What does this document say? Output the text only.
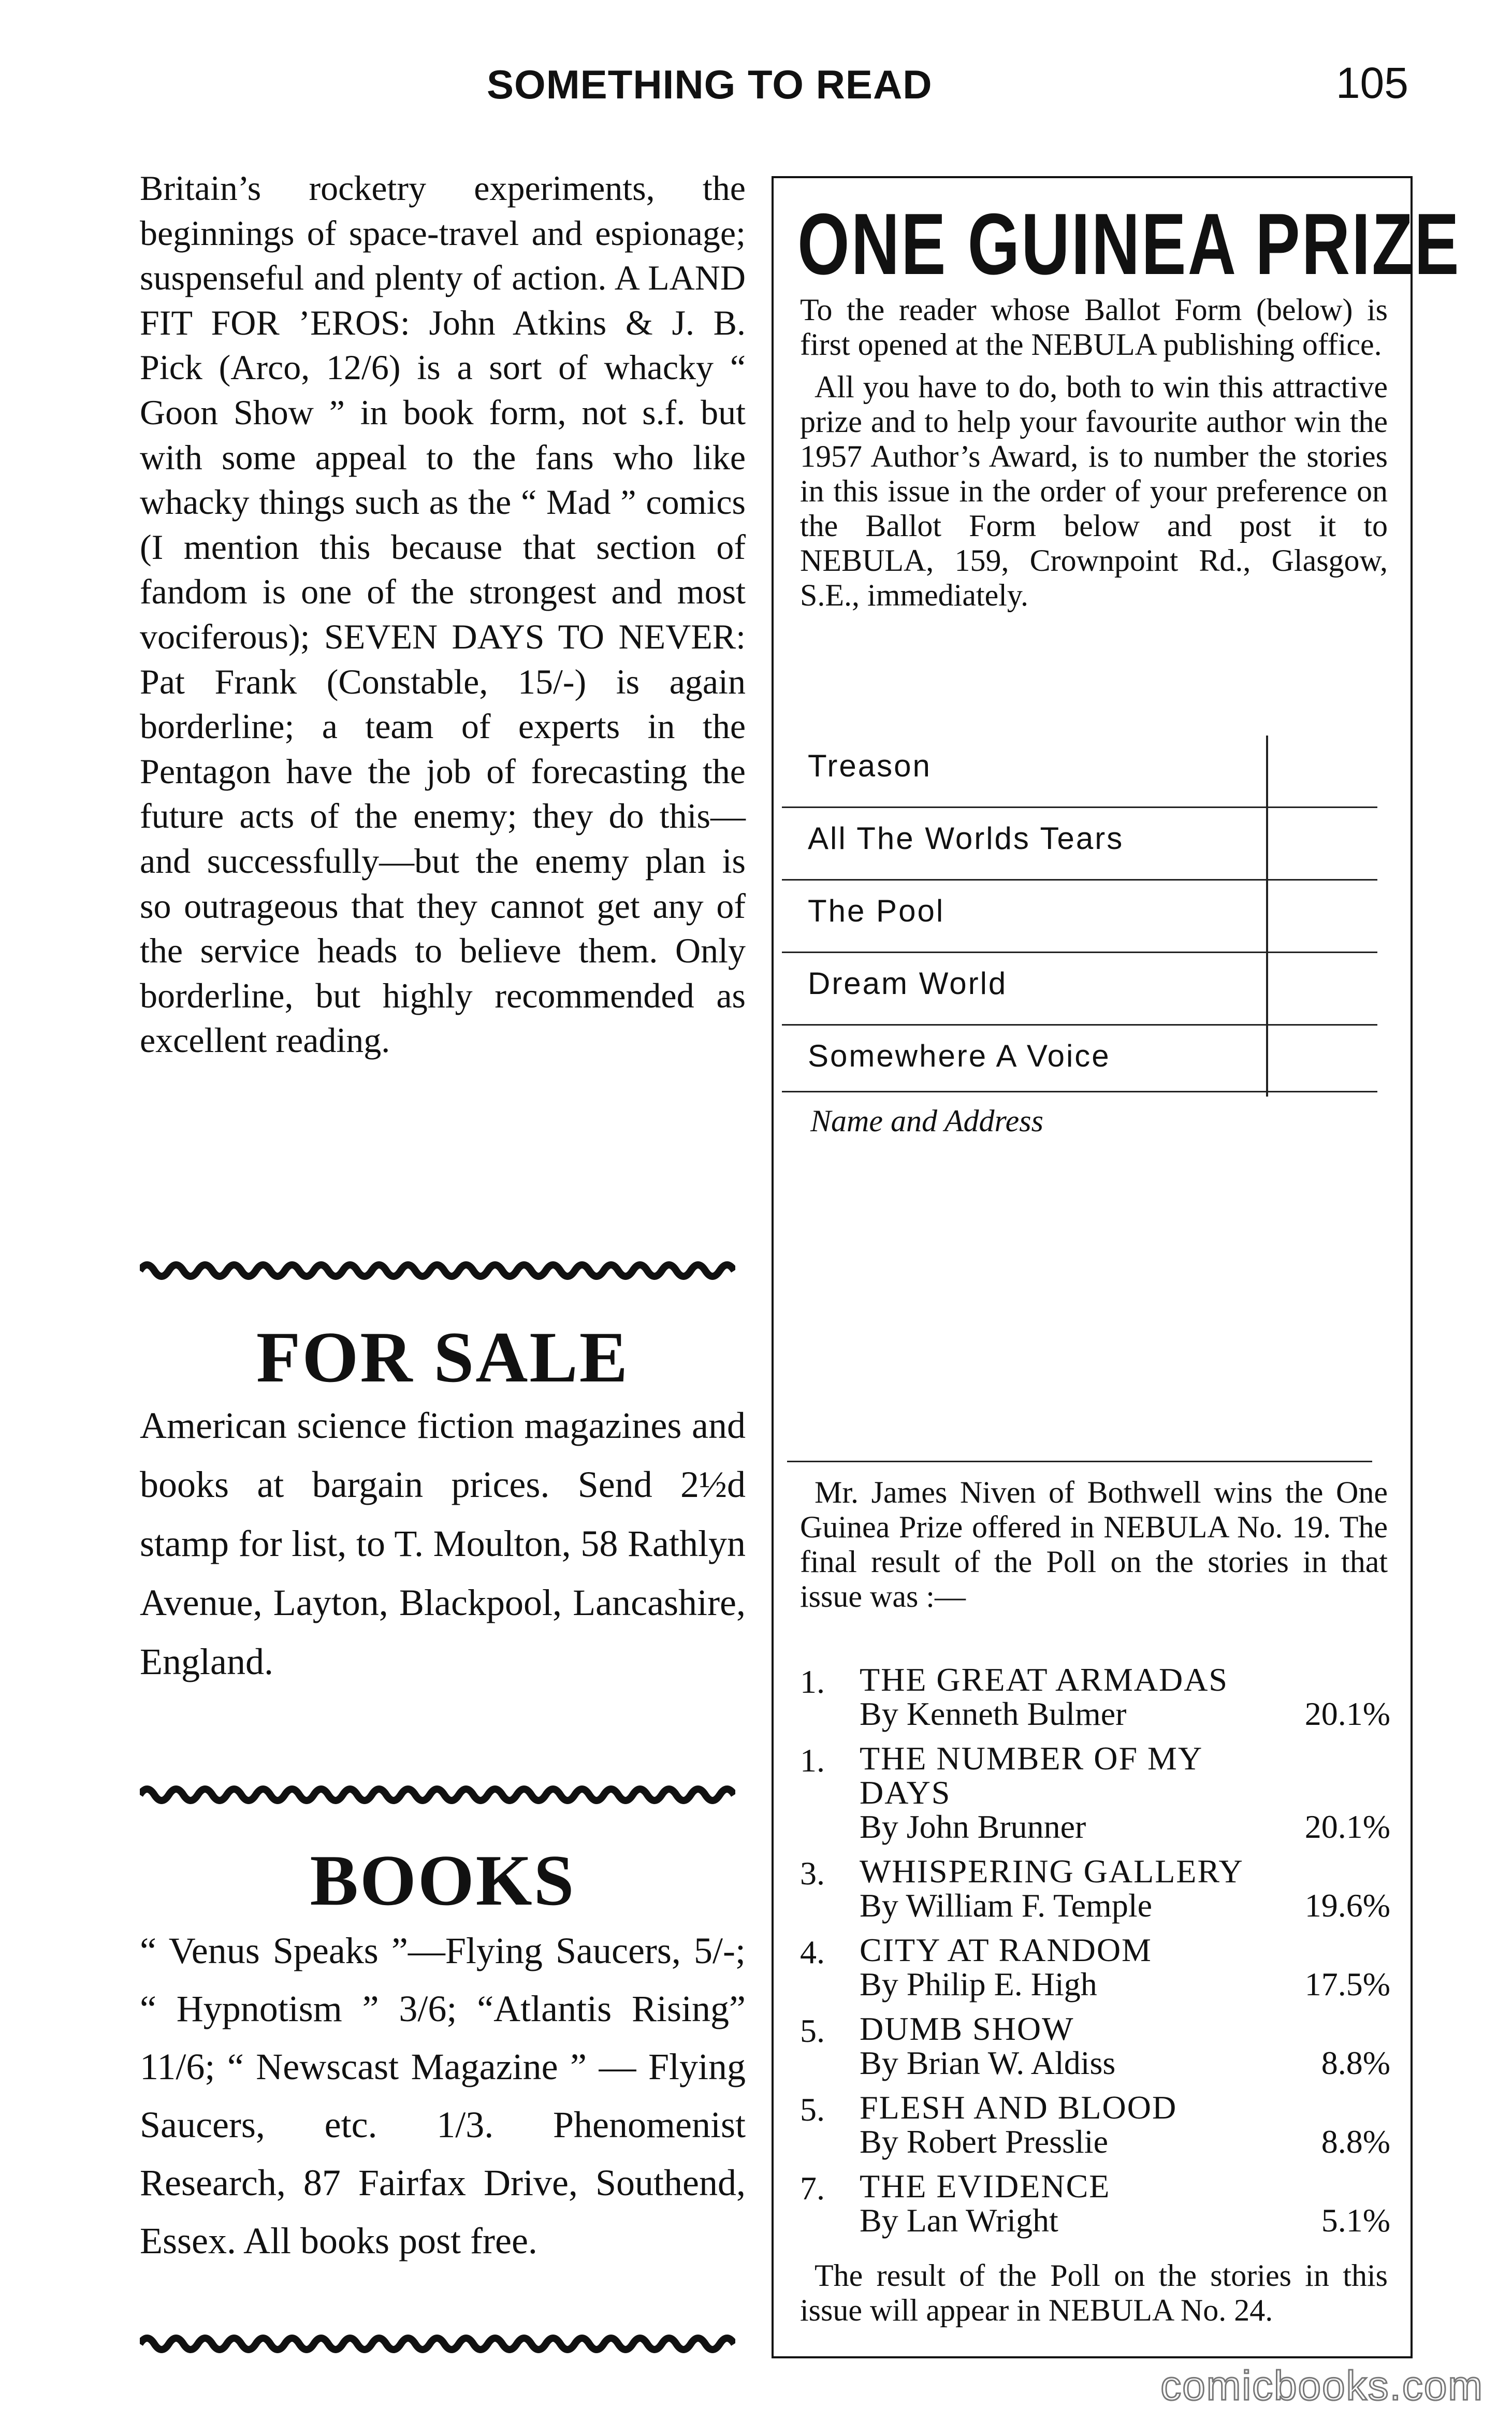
SOMETHING TO READ	105

Britain’s rocketry experiments, the beginnings of space-travel and espionage; suspenseful and plenty of action. A LAND FIT FOR ’EROS: John Atkins & J. B. Pick (Arco, 12/6) is a sort of whacky “ Goon Show ” in book form, not s.f. but with some appeal to the fans who like whacky things such as the “ Mad ” comics (I mention this because that section of fandom is one of the strongest and most vociferous); SEVEN DAYS TO NEVER: Pat Frank (Constable, 15/-) is again borderline; a team of experts in the Pentagon have the job of forecasting the future acts of the enemy; they do this—and successfully—but the enemy plan is so outrageous that they cannot get any of the service heads to believe them. Only borderline, but highly recommended as excellent reading.

FOR SALE

American science fiction magazines and books at bargain prices. Send 2½d stamp for list, to T. Moulton, 58 Rathlyn Avenue, Layton, Blackpool, Lancashire, England.

BOOKS

“ Venus Speaks ”—Flying Saucers, 5/-; “ Hypnotism ” 3/6; “Atlantis Rising” 11/6; “ Newscast Magazine ” — Flying Saucers, etc. 1/3. Phenomenist Research, 87 Fairfax Drive, Southend, Essex. All books post free.

ONE GUINEA PRIZE

To the reader whose Ballot Form (below) is first opened at the NEBULA publishing office.

All you have to do, both to win this attractive prize and to help your favourite author win the 1957 Author’s Award, is to number the stories in this issue in the order of your preference on the Ballot Form below and post it to NEBULA, 159, Crownpoint Rd., Glasgow, S.E., immediately.

Treason
All The Worlds Tears
The Pool
Dream World
Somewhere A Voice
Name and Address

Mr. James Niven of Bothwell wins the One Guinea Prize offered in NEBULA No. 19. The final result of the Poll on the stories in that issue was :—

1.	THE GREAT ARMADAS
By Kenneth Bulmer	20.1%
1.	THE NUMBER OF MY DAYS
By John Brunner	20.1%
3.	WHISPERING GALLERY
By William F. Temple	19.6%
4.	CITY AT RANDOM
By Philip E. High	17.5%
5.	DUMB SHOW
By Brian W. Aldiss	8.8%
5.	FLESH AND BLOOD
By Robert Presslie	8.8%
7.	THE EVIDENCE
By Lan Wright	5.1%

The result of the Poll on the stories in this issue will appear in NEBULA No. 24.

comicbooks.com
